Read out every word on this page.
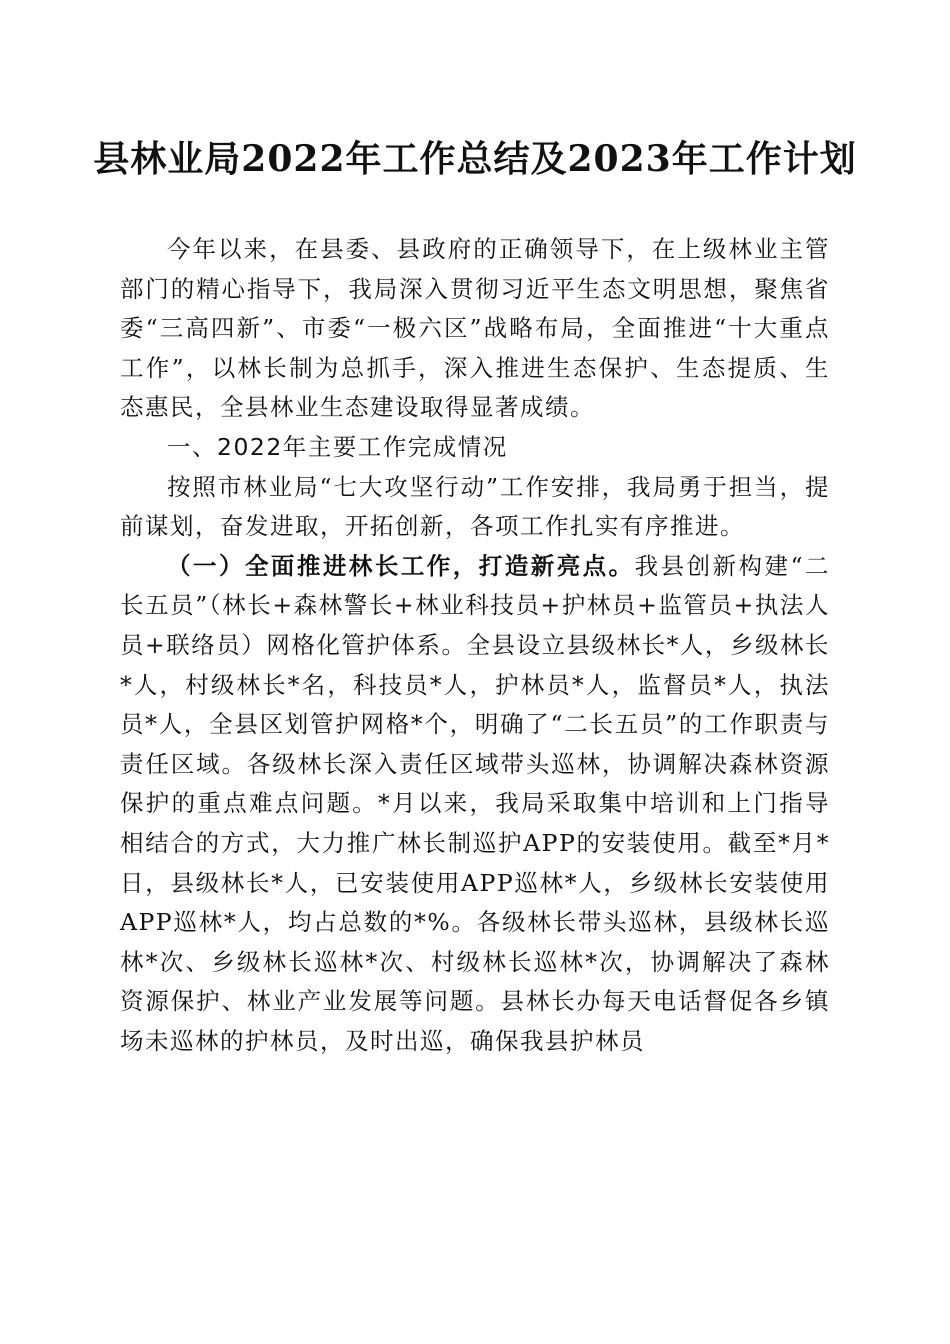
县林业局2022年工作总结及2023年工作计划

今年以来，在县委、县政府的正确领导下，在上级林业主管部门的精心指导下，我局深入贯彻习近平生态文明思想，聚焦省委“三高四新”、市委“一极六区”战略布局，全面推进“十大重点工作”，以林长制为总抓手，深入推进生态保护、生态提质、生态惠民，全县林业生态建设取得显著成绩。

一、2022年主要工作完成情况

按照市林业局“七大攻坚行动”工作安排，我局勇于担当，提前谋划，奋发进取，开拓创新，各项工作扎实有序推进。

（一）全面推进林长工作，打造新亮点。我县创新构建“二长五员”（林长+森林警长+林业科技员+护林员+监管员+执法人员+联络员）网格化管护体系。全县设立县级林长*人，乡级林长*人，村级林长*名，科技员*人，护林员*人，监督员*人，执法员*人，全县区划管护网格*个，明确了“二长五员”的工作职责与责任区域。各级林长深入责任区域带头巡林，协调解决森林资源保护的重点难点问题。*月以来，我局采取集中培训和上门指导相结合的方式，大力推广林长制巡护APP的安装使用。截至*月*日，县级林长*人，已安装使用APP巡林*人，乡级林长安装使用APP巡林*人，均占总数的*%。各级林长带头巡林，县级林长巡林*次、乡级林长巡林*次、村级林长巡林*次，协调解决了森林资源保护、林业产业发展等问题。县林长办每天电话督促各乡镇场未巡林的护林员，及时出巡，确保我县护林员
